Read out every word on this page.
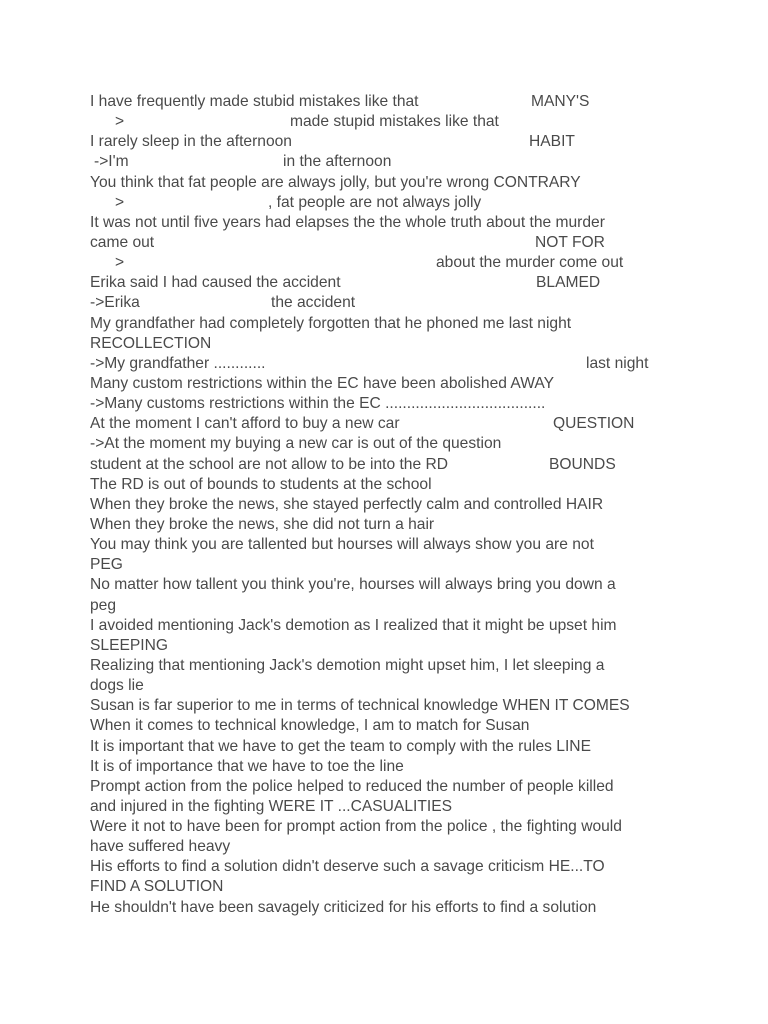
I have frequently made stubid mistakes like that

	MANY'S

>

	made stupid mistakes like that

I rarely sleep in the afternoon

	HABIT

->I'm

	in the afternoon

You think that fat people are always jolly, but you're wrong CONTRARY

>

	, fat people are not always jolly

It was not until five years had elapses the the whole truth about the murder

came out

	NOT FOR

>

	about the murder come out

Erika said I had caused the accident

	BLAMED

->Erika

	the accident

My grandfather had completely forgotten that he phoned me last night

RECOLLECTION

->My grandfather ............

	last night

Many custom restrictions within the EC have been abolished AWAY

->Many customs restrictions within the EC .....................................

At the moment I can't afford to buy a new car

	QUESTION

->At the moment my buying a new car is out of the question

student at the school are not allow to be into the RD

	BOUNDS

The RD is out of bounds to students at the school

When they broke the news, she stayed perfectly calm and controlled HAIR

When they broke the news, she did not turn a hair

You may think you are tallented but hourses will always show you are not

PEG

No matter how tallent you think you're, hourses will always bring you down a

peg

I avoided mentioning Jack's demotion as I realized that it might be upset him

SLEEPING

Realizing that mentioning Jack's demotion might upset him, I let sleeping a

dogs lie

Susan is far superior to me in terms of technical knowledge WHEN IT COMES

When it comes to technical knowledge, I am to match for Susan

It is important that we have to get the team to comply with the rules LINE

It is of importance that we have to toe the line

Prompt action from the police helped to reduced the number of people killed

and injured in the fighting WERE IT ...CASUALITIES

Were it not to have been for prompt action from the police , the fighting would

have suffered heavy

His efforts to find a solution didn't deserve such a savage criticism HE...TO

FIND A SOLUTION

He shouldn't have been savagely criticized for his efforts to find a solution
